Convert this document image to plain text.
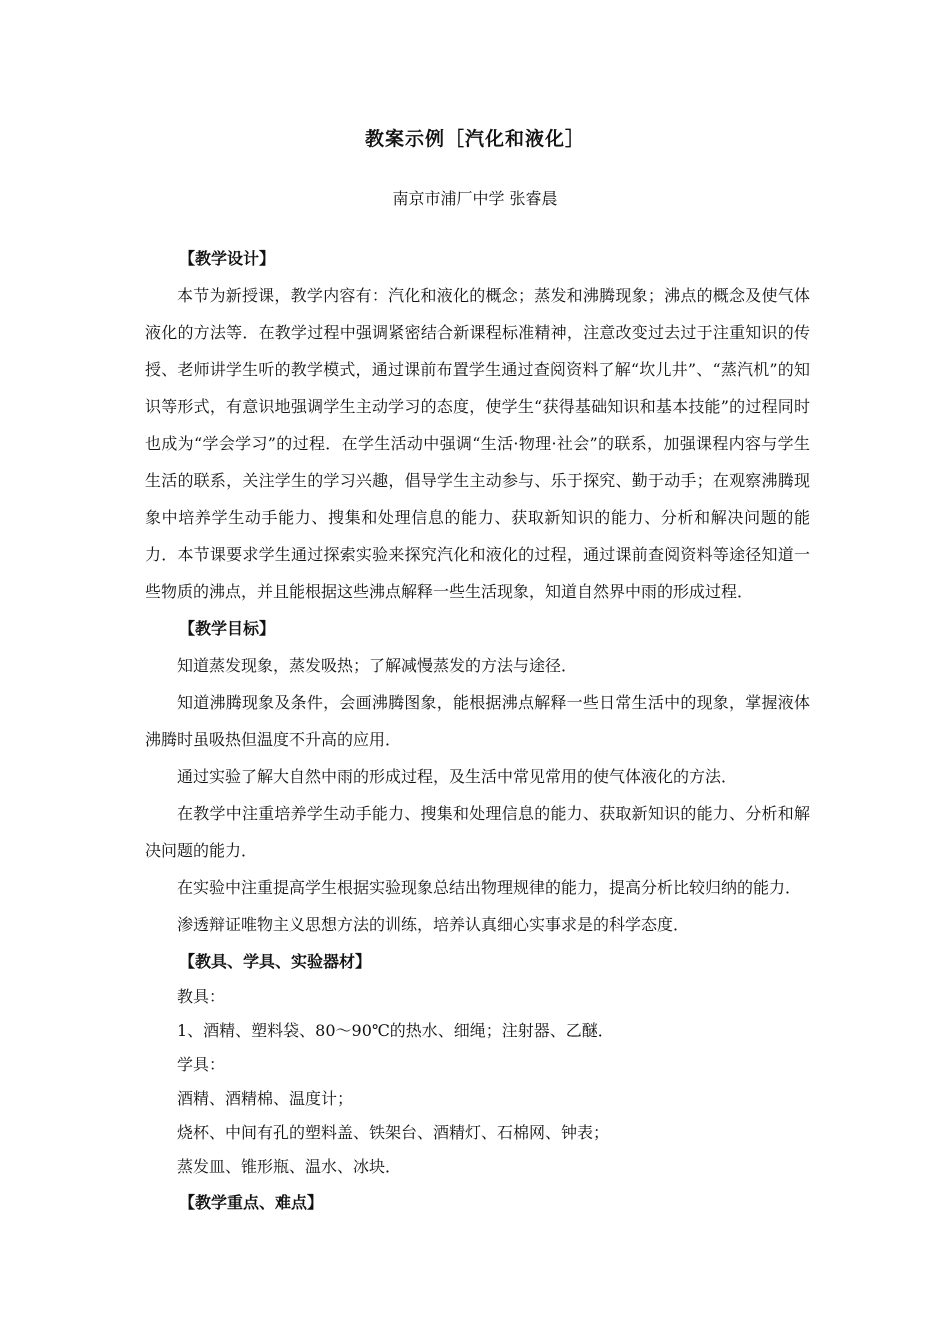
教案示例［汽化和液化］
南京市浦厂中学 张睿晨

【教学设计】

本节为新授课，教学内容有：汽化和液化的概念；蒸发和沸腾现象；沸点的概念及使气体液化的方法等．在教学过程中强调紧密结合新课程标准精神，注意改变过去过于注重知识的传授、老师讲学生听的教学模式，通过课前布置学生通过查阅资料了解“坎儿井”、“蒸汽机”的知识等形式，有意识地强调学生主动学习的态度，使学生“获得基础知识和基本技能”的过程同时也成为“学会学习”的过程．在学生活动中强调“生活·物理·社会”的联系，加强课程内容与学生生活的联系，关注学生的学习兴趣，倡导学生主动参与、乐于探究、勤于动手；在观察沸腾现象中培养学生动手能力、搜集和处理信息的能力、获取新知识的能力、分析和解决问题的能力．本节课要求学生通过探索实验来探究汽化和液化的过程，通过课前查阅资料等途径知道一些物质的沸点，并且能根据这些沸点解释一些生活现象，知道自然界中雨的形成过程．

【教学目标】

知道蒸发现象，蒸发吸热；了解减慢蒸发的方法与途径．

知道沸腾现象及条件，会画沸腾图象，能根据沸点解释一些日常生活中的现象，掌握液体沸腾时虽吸热但温度不升高的应用．

通过实验了解大自然中雨的形成过程，及生活中常见常用的使气体液化的方法．

在教学中注重培养学生动手能力、搜集和处理信息的能力、获取新知识的能力、分析和解决问题的能力．

在实验中注重提高学生根据实验现象总结出物理规律的能力，提高分析比较归纳的能力．

渗透辩证唯物主义思想方法的训练，培养认真细心实事求是的科学态度．

【教具、学具、实验器材】

教具：

1、酒精、塑料袋、80～90℃的热水、细绳；注射器、乙醚．

学具：

酒精、酒精棉、温度计；

烧杯、中间有孔的塑料盖、铁架台、酒精灯、石棉网、钟表；

蒸发皿、锥形瓶、温水、冰块．

【教学重点、难点】
